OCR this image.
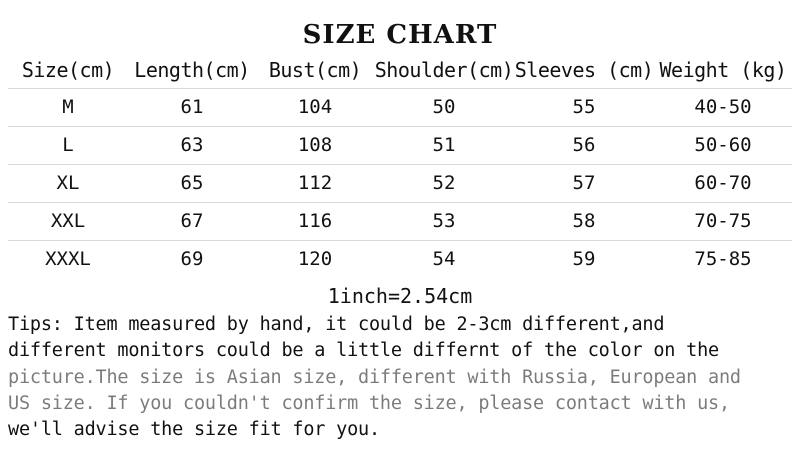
SIZE CHART
Size(cm)	Length(cm)	Bust(cm)	Shoulder(cm)	Sleeves (cm)	Weight (kg)
M	61	104	50	55	40-50
L	63	108	51	56	50-60
XL	65	112	52	57	60-70
XXL	67	116	53	58	70-75
XXXL	69	120	54	59	75-85
1inch=2.54cm
Tips: Item measured by hand, it could be 2-3cm different,and
different monitors could be a little differnt of the color on the
picture.The size is Asian size, different with Russia, European and
US size. If you couldn't confirm the size, please contact with us,
we'll advise the size fit for you.
